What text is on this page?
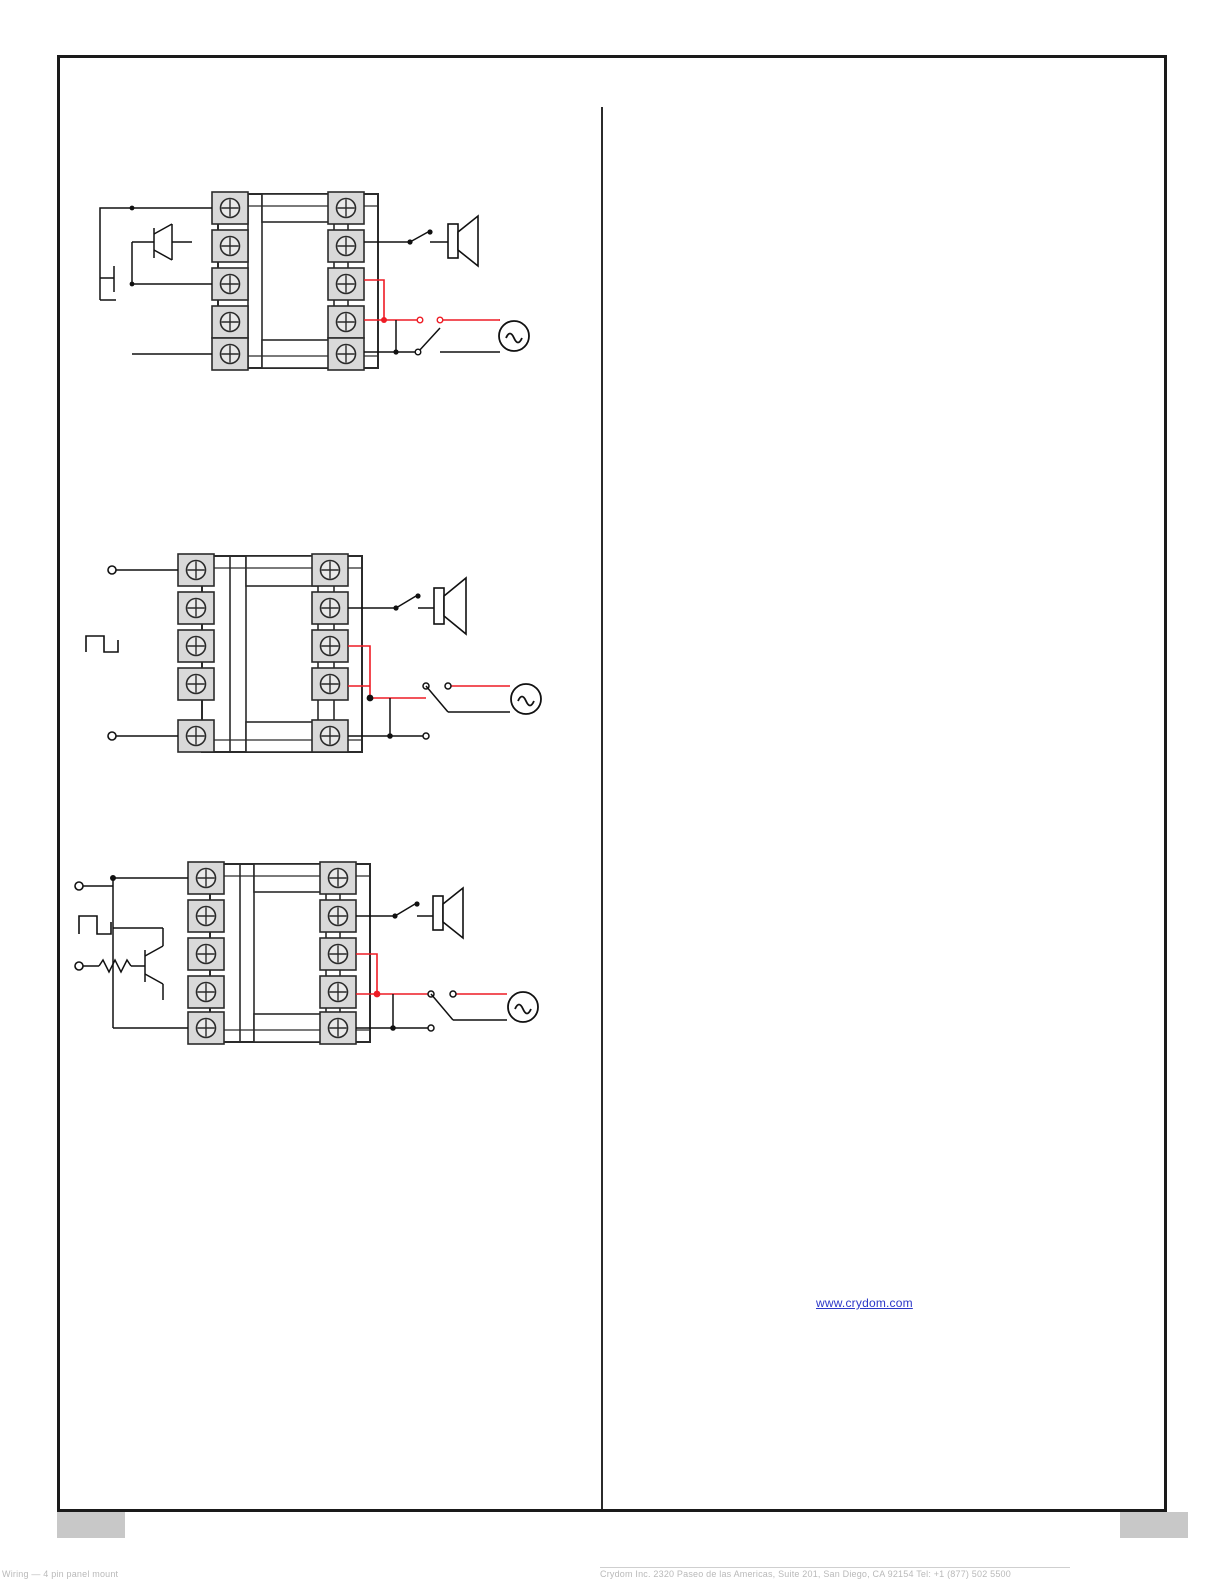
www.crydom.com
Wiring — 4 pin panel mount	Crydom Inc. 2320 Paseo de las Americas, Suite 201, San Diego, CA 92154 Tel: +1 (877) 502 5500
